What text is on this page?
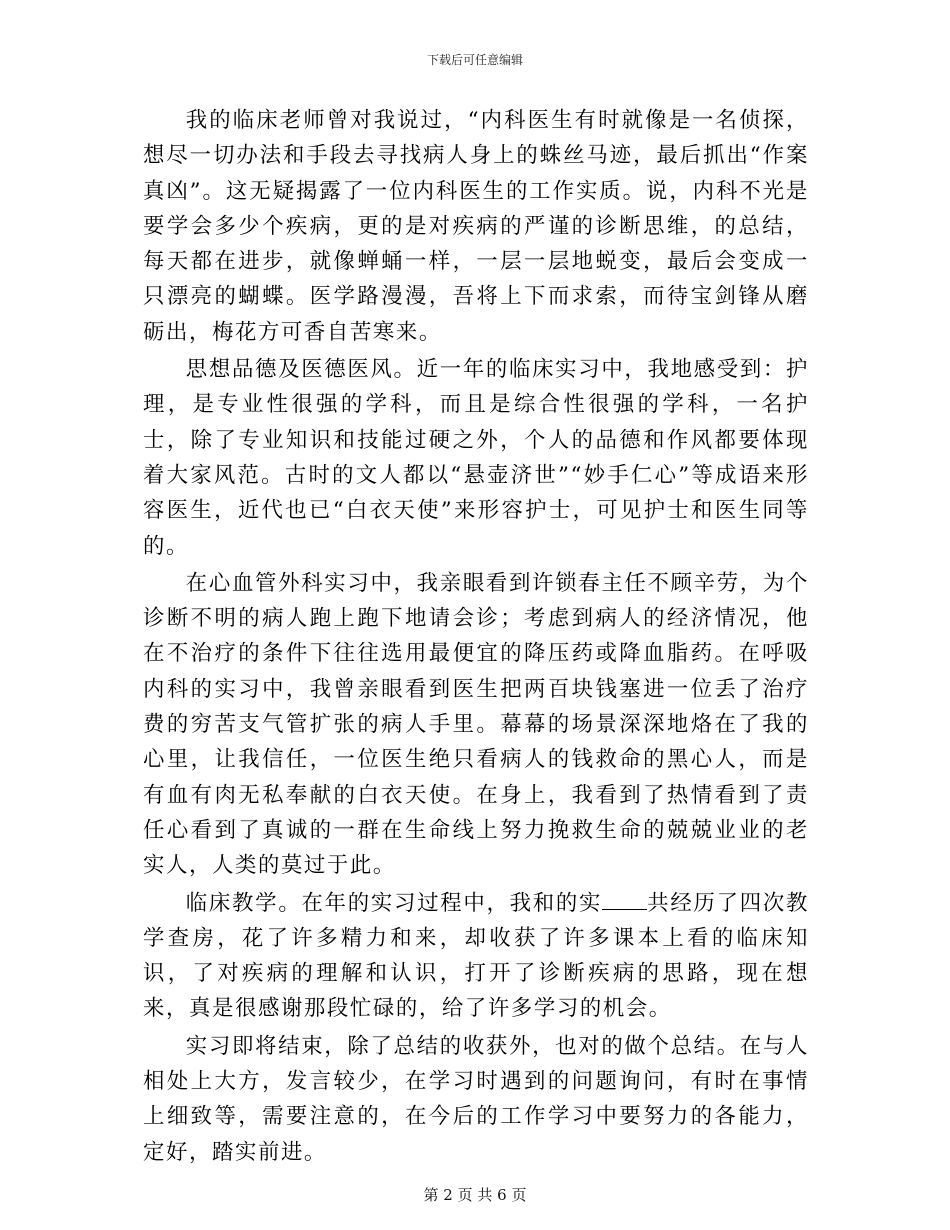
下载后可任意编辑

我的临床老师曾对我说过，“内科医生有时就像是一名侦探，想尽一切办法和手段去寻找病人身上的蛛丝马迹，最后抓出“作案真凶”。这无疑揭露了一位内科医生的工作实质。说，内科不光是要学会多少个疾病，更的是对疾病的严谨的诊断思维，的总结，每天都在进步，就像蝉蛹一样，一层一层地蜕变，最后会变成一只漂亮的蝴蝶。医学路漫漫，吾将上下而求索，而待宝剑锋从磨砺出，梅花方可香自苦寒来。

思想品德及医德医风。近一年的临床实习中，我地感受到：护理，是专业性很强的学科，而且是综合性很强的学科，一名护士，除了专业知识和技能过硬之外，个人的品德和作风都要体现着大家风范。古时的文人都以“悬壶济世”“妙手仁心”等成语来形容医生，近代也已“白衣天使”来形容护士，可见护士和医生同等的。

在心血管外科实习中，我亲眼看到许锁春主任不顾辛劳，为个诊断不明的病人跑上跑下地请会诊；考虑到病人的经济情况，他在不治疗的条件下往往选用最便宜的降压药或降血脂药。在呼吸内科的实习中，我曾亲眼看到医生把两百块钱塞进一位丢了治疗费的穷苦支气管扩张的病人手里。幕幕的场景深深地烙在了我的心里，让我信任，一位医生绝只看病人的钱救命的黑心人，而是有血有肉无私奉献的白衣天使。在身上，我看到了热情看到了责任心看到了真诚的一群在生命线上努力挽救生命的兢兢业业的老实人，人类的莫过于此。

临床教学。在年的实习过程中，我和的实 共经历了四次教学查房，花了许多精力和来，却收获了许多课本上看的临床知识，了对疾病的理解和认识，打开了诊断疾病的思路，现在想来，真是很感谢那段忙碌的，给了许多学习的机会。

实习即将结束，除了总结的收获外，也对的做个总结。在与人相处上大方，发言较少，在学习时遇到的问题询问，有时在事情上细致等，需要注意的，在今后的工作学习中要努力的各能力，定好，踏实前进。

第 2 页 共 6 页
